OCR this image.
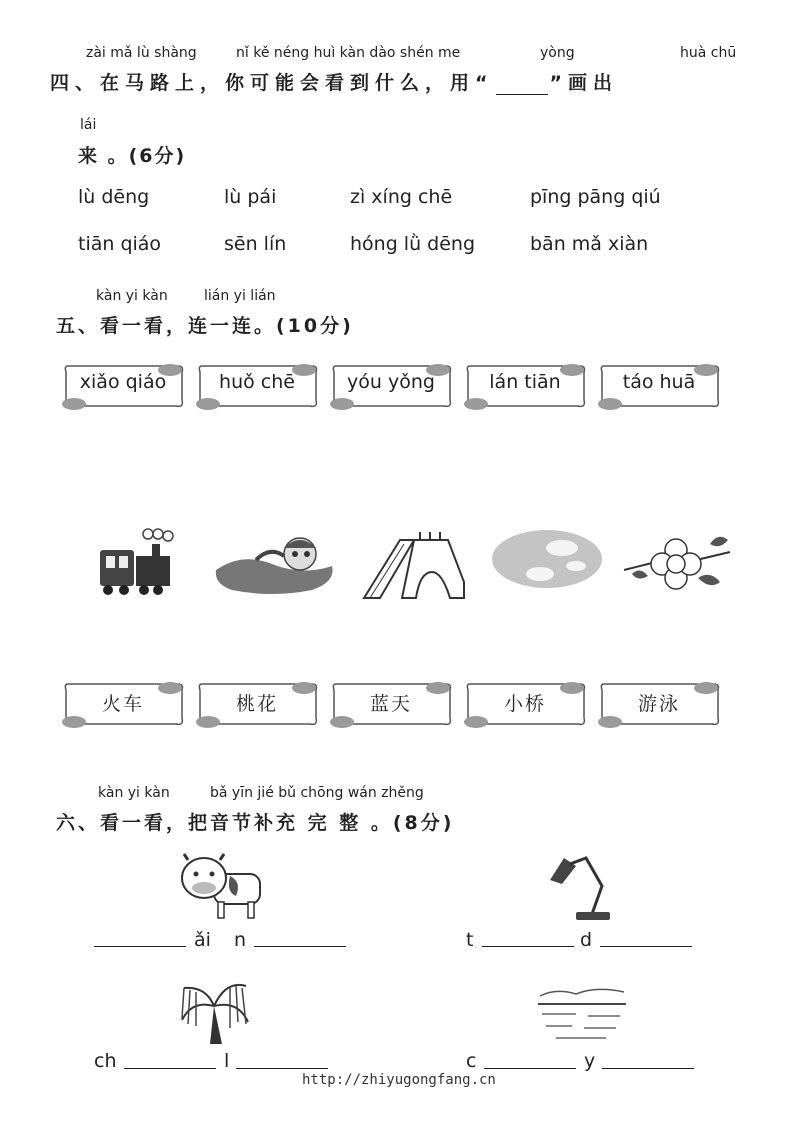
zài mǎ lù shàng	nǐ kě néng huì kàn dào shén me	yòng	huà chū
四、在马路上，你可能会看到什么，用“	”画出
lái
来 。(6分)
lù dēng	lù pái	zì xíng chē	pīng pāng qiú
tiān qiáo	sēn lín	hóng lǜ dēng	bān mǎ xiàn
kàn yi kàn	lián yi lián
五、看一看，连一连。(10分)
xiǎo qiáo	huǒ chē	yóu yǒng	lán tiān	táo huā
火车	桃花	蓝天	小桥	游泳
kàn yi kàn	bǎ yīn jié bǔ chōng wán zhěng
六、看一看，把音节补充 完 整 。(8分)
ǎi n	t	d
ch	l	c	y
http://zhiyugongfang.cn
